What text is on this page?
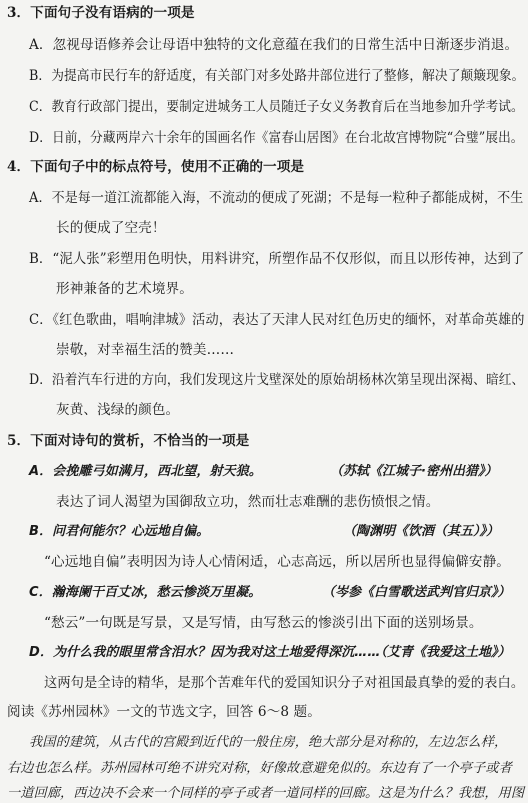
3．下面句子没有语病的一项是
A．忽视母语修养会让母语中独特的文化意蕴在我们的日常生活中日渐逐步消退。
B．为提高市民行车的舒适度，有关部门对多处路井部位进行了整修，解决了颠簸现象。
C．教育行政部门提出，要制定进城务工人员随迁子女义务教育后在当地参加升学考试。
D．日前，分藏两岸六十余年的国画名作《富春山居图》在台北故宫博物院“合璧”展出。
4．下面句子中的标点符号，使用不正确的一项是
A．不是每一道江流都能入海，不流动的便成了死湖；不是每一粒种子都能成树，不生
长的便成了空壳！
B．“泥人张”彩塑用色明快，用料讲究，所塑作品不仅形似，而且以形传神，达到了
形神兼备的艺术境界。
C．《红色歌曲，唱响津城》活动，表达了天津人民对红色历史的缅怀，对革命英雄的
崇敬，对幸福生活的赞美……
D．沿着汽车行进的方向，我们发现这片戈壁深处的原始胡杨林次第呈现出深褐、暗红、
灰黄、浅绿的颜色。
5．下面对诗句的赏析，不恰当的一项是
A．会挽雕弓如满月，西北望，射天狼。	（苏轼《江城子·密州出猎》）
表达了词人渴望为国御敌立功，然而壮志难酬的悲伤愤恨之情。
B．问君何能尔？心远地自偏。	（陶渊明《饮酒（其五）》）
“心远地自偏”表明因为诗人心情闲适，心志高远，所以居所也显得偏僻安静。
C．瀚海阑干百丈冰，愁云惨淡万里凝。	（岑参《白雪歌送武判官归京》）
“愁云”一句既是写景，又是写情，由写愁云的惨淡引出下面的送别场景。
D．为什么我的眼里常含泪水？因为我对这土地爱得深沉……
（艾青《我爱这土地》）
这两句是全诗的精华，是那个苦难年代的爱国知识分子对祖国最真挚的爱的表白。
阅读《苏州园林》一文的节选文字，回答 6～8 题。
我国的建筑，从古代的宫殿到近代的一般住房，绝大部分是对称的，左边怎么样，
右边也怎么样。苏州园林可绝不讲究对称，好像故意避免似的。东边有了一个亭子或者
一道回廊，西边决不会来一个同样的亭子或者一道同样的回廊。这是为什么？我想，用图
